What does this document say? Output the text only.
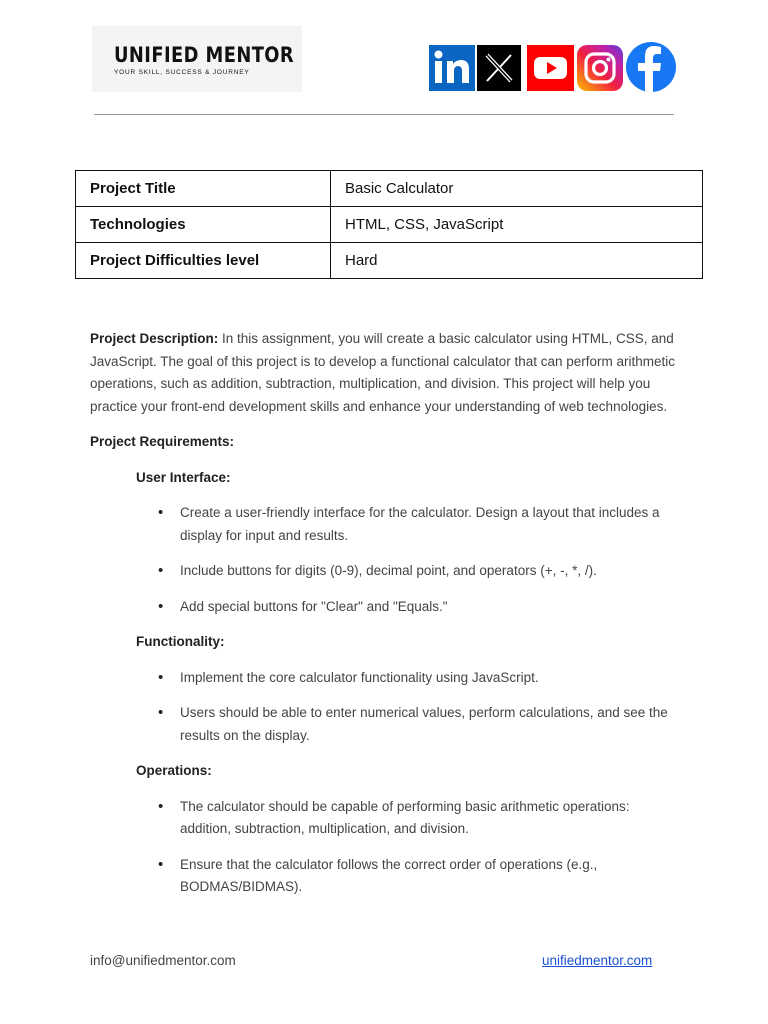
UNIFIED MENTOR
YOUR SKILL, SUCCESS & JOURNEY
Project Title	Basic Calculator
Technologies	HTML, CSS, JavaScript
Project Difficulties level	Hard
Project Description: In this assignment, you will create a basic calculator using HTML, CSS, and JavaScript. The goal of this project is to develop a functional calculator that can perform arithmetic operations, such as addition, subtraction, multiplication, and division. This project will help you practice your front-end development skills and enhance your understanding of web technologies.
Project Requirements:
User Interface:
• Create a user-friendly interface for the calculator. Design a layout that includes a display for input and results.
• Include buttons for digits (0-9), decimal point, and operators (+, -, *, /).
• Add special buttons for "Clear" and "Equals."
Functionality:
• Implement the core calculator functionality using JavaScript.
• Users should be able to enter numerical values, perform calculations, and see the results on the display.
Operations:
• The calculator should be capable of performing basic arithmetic operations: addition, subtraction, multiplication, and division.
• Ensure that the calculator follows the correct order of operations (e.g., BODMAS/BIDMAS).
info@unifiedmentor.com	unifiedmentor.com
